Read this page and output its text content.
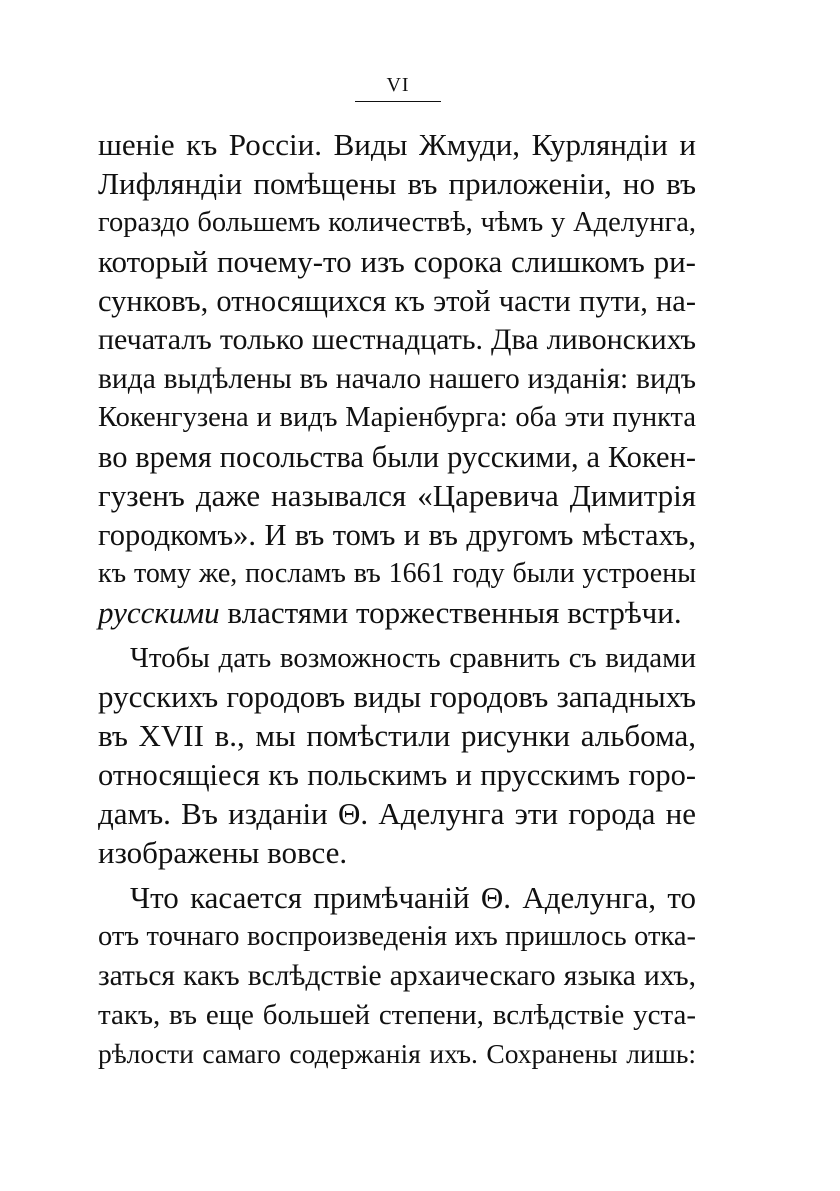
VI
шеніе къ Россіи. Виды Жмуди, Курляндіи и
Лифляндіи помѣщены въ приложеніи, но въ
гораздо большемъ количествѣ, чѣмъ у Аделунга,
который почему-то изъ сорока слишкомъ ри-
сунковъ, относящихся къ этой части пути, на-
печаталъ только шестнадцать. Два ливонскихъ
вида выдѣлены въ начало нашего изданія: видъ
Кокенгузена и видъ Маріенбурга: оба эти пункта
во время посольства были русскими, а Кокен-
гузенъ даже назывался «Царевича Димитрія
городкомъ». И въ томъ и въ другомъ мѣстахъ,
къ тому же, посламъ въ 1661 году были устроены
русскими властями торжественныя встрѣчи.
Чтобы дать возможность сравнить съ видами
русскихъ городовъ виды городовъ западныхъ
въ XVII в., мы помѣстили рисунки альбома,
относящіеся къ польскимъ и прусскимъ горо-
дамъ. Въ изданіи Θ. Аделунга эти города не
изображены вовсе.
Что касается примѣчаній Θ. Аделунга, то
отъ точнаго воспроизведенія ихъ пришлось отка-
заться какъ вслѣдствіе архаическаго языка ихъ,
такъ, въ еще большей степени, вслѣдствіе уста-
рѣлости самаго содержанія ихъ. Сохранены лишь:
